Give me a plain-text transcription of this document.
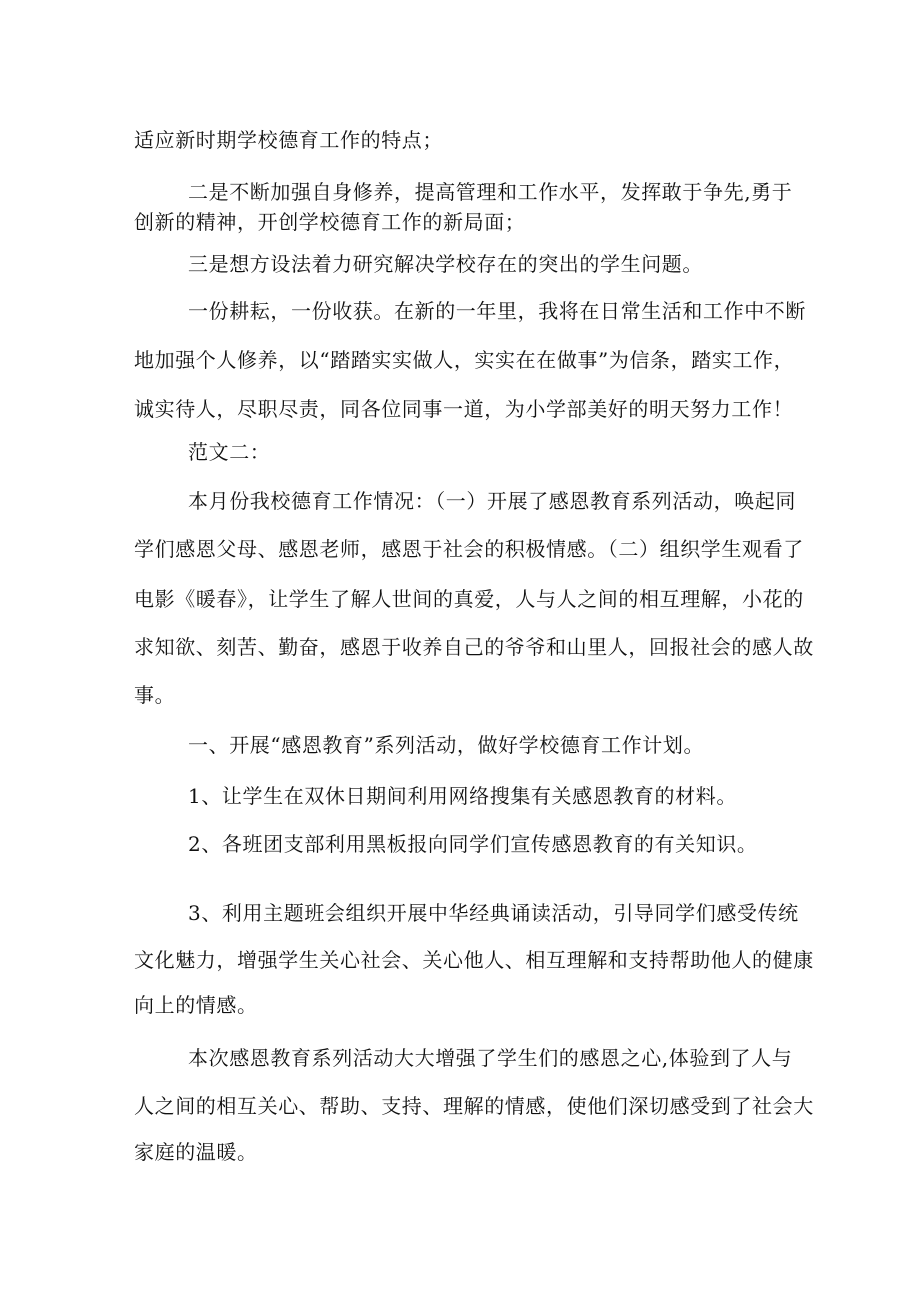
适应新时期学校德育工作的特点；
二是不断加强自身修养，提高管理和工作水平，发挥敢于争先,勇于
创新的精神，开创学校德育工作的新局面；
三是想方设法着力研究解决学校存在的突出的学生问题。
一份耕耘，一份收获。在新的一年里，我将在日常生活和工作中不断
地加强个人修养，以“踏踏实实做人，实实在在做事”为信条，踏实工作，
诚实待人，尽职尽责，同各位同事一道，为小学部美好的明天努力工作！
范文二：
本月份我校德育工作情况：（一）开展了感恩教育系列活动，唤起同
学们感恩父母、感恩老师，感恩于社会的积极情感。（二）组织学生观看了
电影《暖春》，让学生了解人世间的真爱，人与人之间的相互理解，小花的
求知欲、刻苦、勤奋，感恩于收养自己的爷爷和山里人，回报社会的感人故
事。
一、开展“感恩教育”系列活动，做好学校德育工作计划。
1、让学生在双休日期间利用网络搜集有关感恩教育的材料。
2、各班团支部利用黑板报向同学们宣传感恩教育的有关知识。
3、利用主题班会组织开展中华经典诵读活动，引导同学们感受传统
文化魅力，增强学生关心社会、关心他人、相互理解和支持帮助他人的健康
向上的情感。
本次感恩教育系列活动大大增强了学生们的感恩之心,体验到了人与
人之间的相互关心、帮助、支持、理解的情感，使他们深切感受到了社会大
家庭的温暖。
